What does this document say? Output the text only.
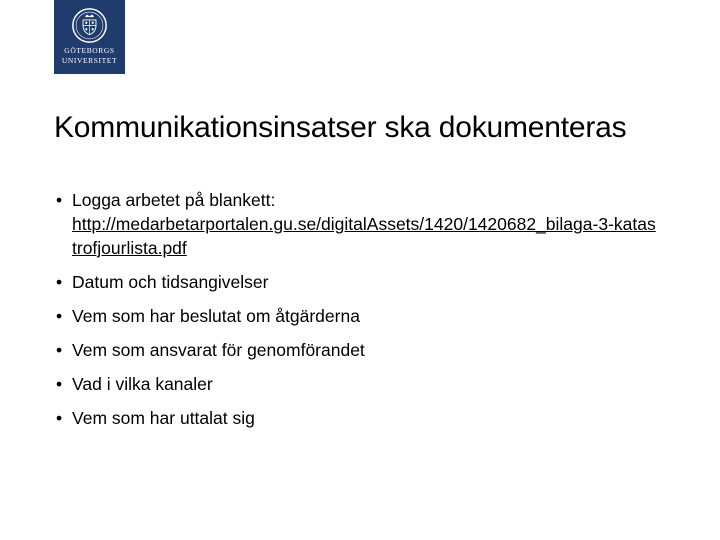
GÖTEBORGS
UNIVERSITET
Kommunikationsinsatser ska dokumenteras
• Logga arbetet på blankett:
http://medarbetarportalen.gu.se/digitalAssets/1420/1420682_bilaga-3-katastrofjourlista.pdf
• Datum och tidsangivelser
• Vem som har beslutat om åtgärderna
• Vem som ansvarat för genomförandet
• Vad i vilka kanaler
• Vem som har uttalat sig
